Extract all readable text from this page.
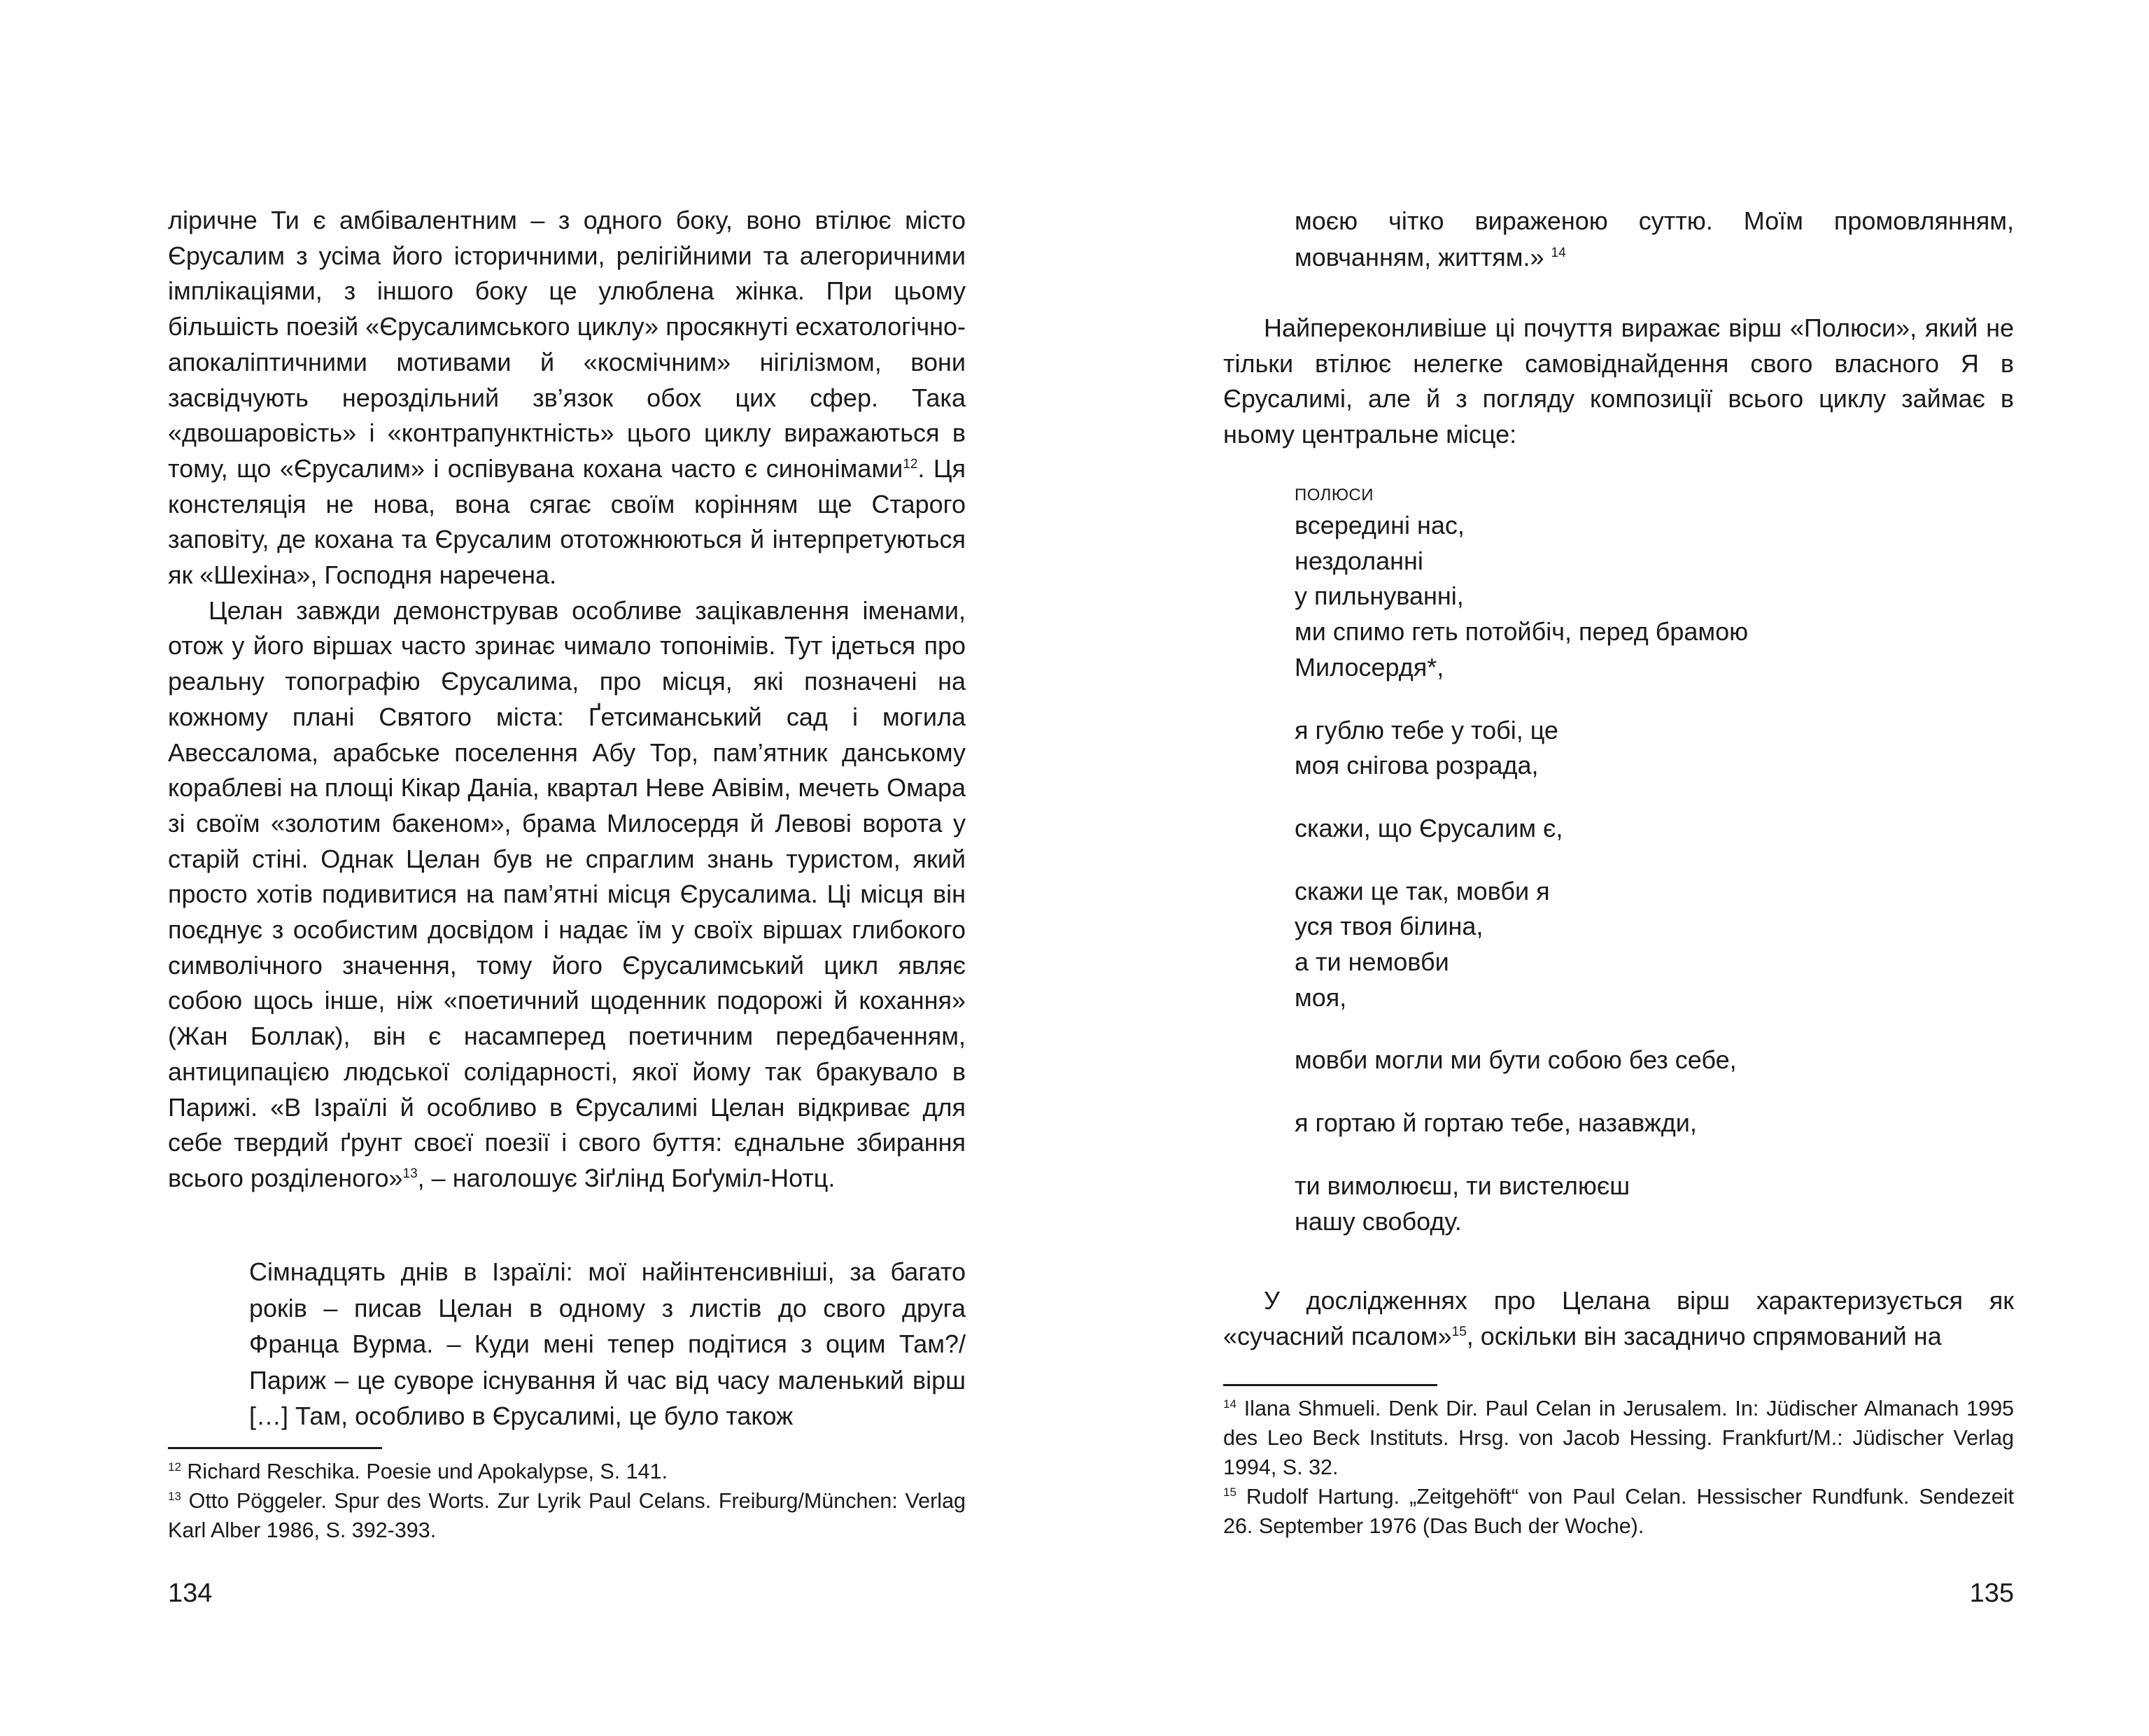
ліричне Ти є амбівалентним – з одного боку, воно втілює місто Єрусалим з усіма його історичними, релігійними та алегоричними імплікаціями, з іншого боку це улюблена жінка. При цьому більшість поезій «Єрусалимського циклу» просякнуті есхатологічно-апокаліптичними мотивами й «космічним» нігілізмом, вони засвідчують нероздільний зв’язок обох цих сфер. Така «двошаровість» і «контрапунктність» цього циклу виражаються в тому, що «Єрусалим» і оспівувана кохана часто є синонімами$^{12}$. Ця констеляція не нова, вона сягає своїм корінням ще Старого заповіту, де кохана та Єрусалим ототожнюються й інтерпретуються як «Шехіна», Господня наречена.

Целан завжди демонстрував особливе зацікавлення іменами, отож у його віршах часто зринає чимало топонімів. Тут ідеться про реальну топографію Єрусалима, про місця, які позначені на кожному плані Святого міста: Ґетсиманський сад і могила Авессалома, арабське поселення Абу Тор, пам’ятник данському кораблеві на площі Кікар Даніа, квартал Неве Авівім, мечеть Омара зі своїм «золотим бакеном», брама Милосердя й Левові ворота у старій стіні. Однак Целан був не спраглим знань туристом, який просто хотів подивитися на пам’ятні місця Єрусалима. Ці місця він поєднує з особистим досвідом і надає їм у своїх віршах глибокого символічного значення, тому його Єрусалимський цикл являє собою щось інше, ніж «поетичний щоденник подорожі й кохання» (Жан Боллак), він є насамперед поетичним передбаченням, антиципацією людської солідарності, якої йому так бракувало в Парижі. «В Ізраїлі й особливо в Єрусалимі Целан відкриває для себе твердий ґрунт своєї поезії і свого буття: єднальне збирання всього розділеного»$^{13}$, – наголошує Зіґлінд Боґуміл-Нотц.

Сімнадцять днів в Ізраїлі: мої найінтенсивніші, за багато років – писав Целан в одному з листів до свого друга Франца Вурма. – Куди мені тепер подітися з оцим Там?/ Париж – це суворе існування й час від часу маленький вірш […] Там, особливо в Єрусалимі, це було також

$^{12}$ Richard Reschika. Poesie und Apokalypse, S. 141.

$^{13}$ Otto Pöggeler. Spur des Worts. Zur Lyrik Paul Celans. Freiburg/München: Verlag Karl Alber 1986, S. 392-393.

134

моєю чітко вираженою суттю. Моїм промовлянням, мовчанням, життям.» $^{14}$

Найпереконливіше ці почуття виражає вірш «Полюси», який не тільки втілює нелегке самовіднайдення свого власного Я в Єрусалимі, але й з погляду композиції всього циклу займає в ньому центральне місце:

ПОЛЮСИ
всередині нас,
нездоланні
у пильнуванні,
ми спимо геть потойбіч, перед брамою
Милосердя*,
я гублю тебе у тобі, це
моя снігова розрада,
скажи, що Єрусалим є,
скажи це так, мовби я
уся твоя білина,
а ти немовби
моя,
мовби могли ми бути собою без себе,
я гортаю й гортаю тебе, назавжди,
ти вимолюєш, ти вистелюєш
нашу свободу.

У дослідженнях про Целана вірш характеризується як «сучасний псалом»$^{15}$, оскільки він засадничо спрямований на

$^{14}$ Ilana Shmueli. Denk Dir. Paul Celan in Jerusalem. In: Jüdischer Almanach 1995 des Leo Beck Instituts. Hrsg. von Jacob Hessing. Frankfurt/M.: Jüdischer Verlag 1994, S. 32.

$^{15}$ Rudolf Hartung. „Zeitgehöft“ von Paul Celan. Hessischer Rundfunk. Sendezeit 26. September 1976 (Das Buch der Woche).

135
